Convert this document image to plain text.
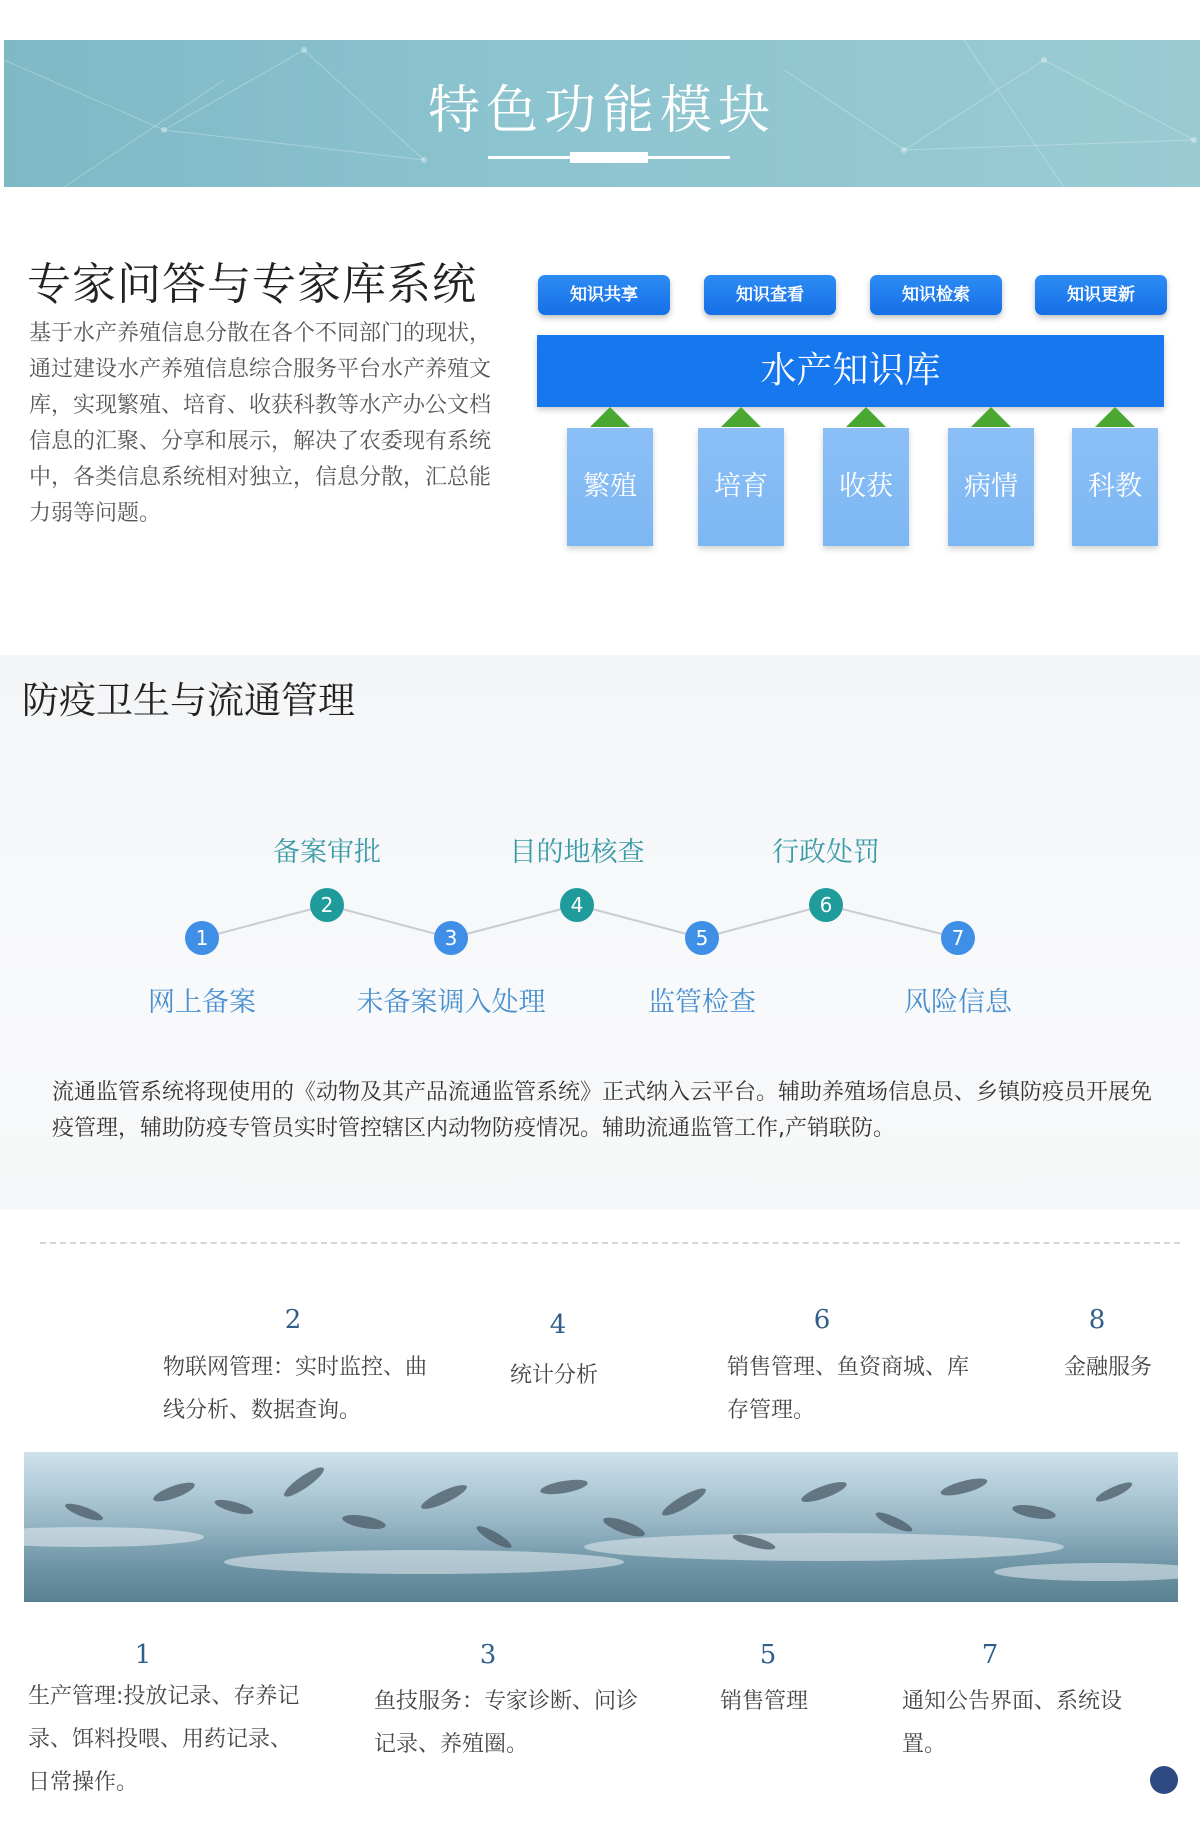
特色功能模块
专家问答与专家库系统
基于水产养殖信息分散在各个不同部门的现状，通过建设水产养殖信息综合服务平台水产养殖文库，实现繁殖、培育、收获科教等水产办公文档信息的汇聚、分享和展示，解决了农委现有系统中，各类信息系统相对独立，信息分散，汇总能力弱等问题。
知识共享	知识查看	知识检索	知识更新
水产知识库
繁殖	培育	收获	病情	科教
防疫卫生与流通管理
1
2
3
4
5
6
7
网上备案
备案审批
未备案调入处理
目的地核查
监管检查
行政处罚
风险信息
流通监管系统将现使用的《动物及其产品流通监管系统》正式纳入云平台。辅助养殖场信息员、乡镇防疫员开展免疫管理，辅助防疫专管员实时管控辖区内动物防疫情况。辅助流通监管工作,产销联防。
2	4	6	8
物联网管理：实时监控、曲线分析、数据查询。
统计分析	销售管理、鱼资商城、库存管理。
金融服务
1	3	5	7
生产管理:投放记录、存养记录、饵料投喂、用药记录、日常操作。
鱼技服务：专家诊断、问诊记录、养殖圈。
销售管理	通知公告界面、系统设置。
